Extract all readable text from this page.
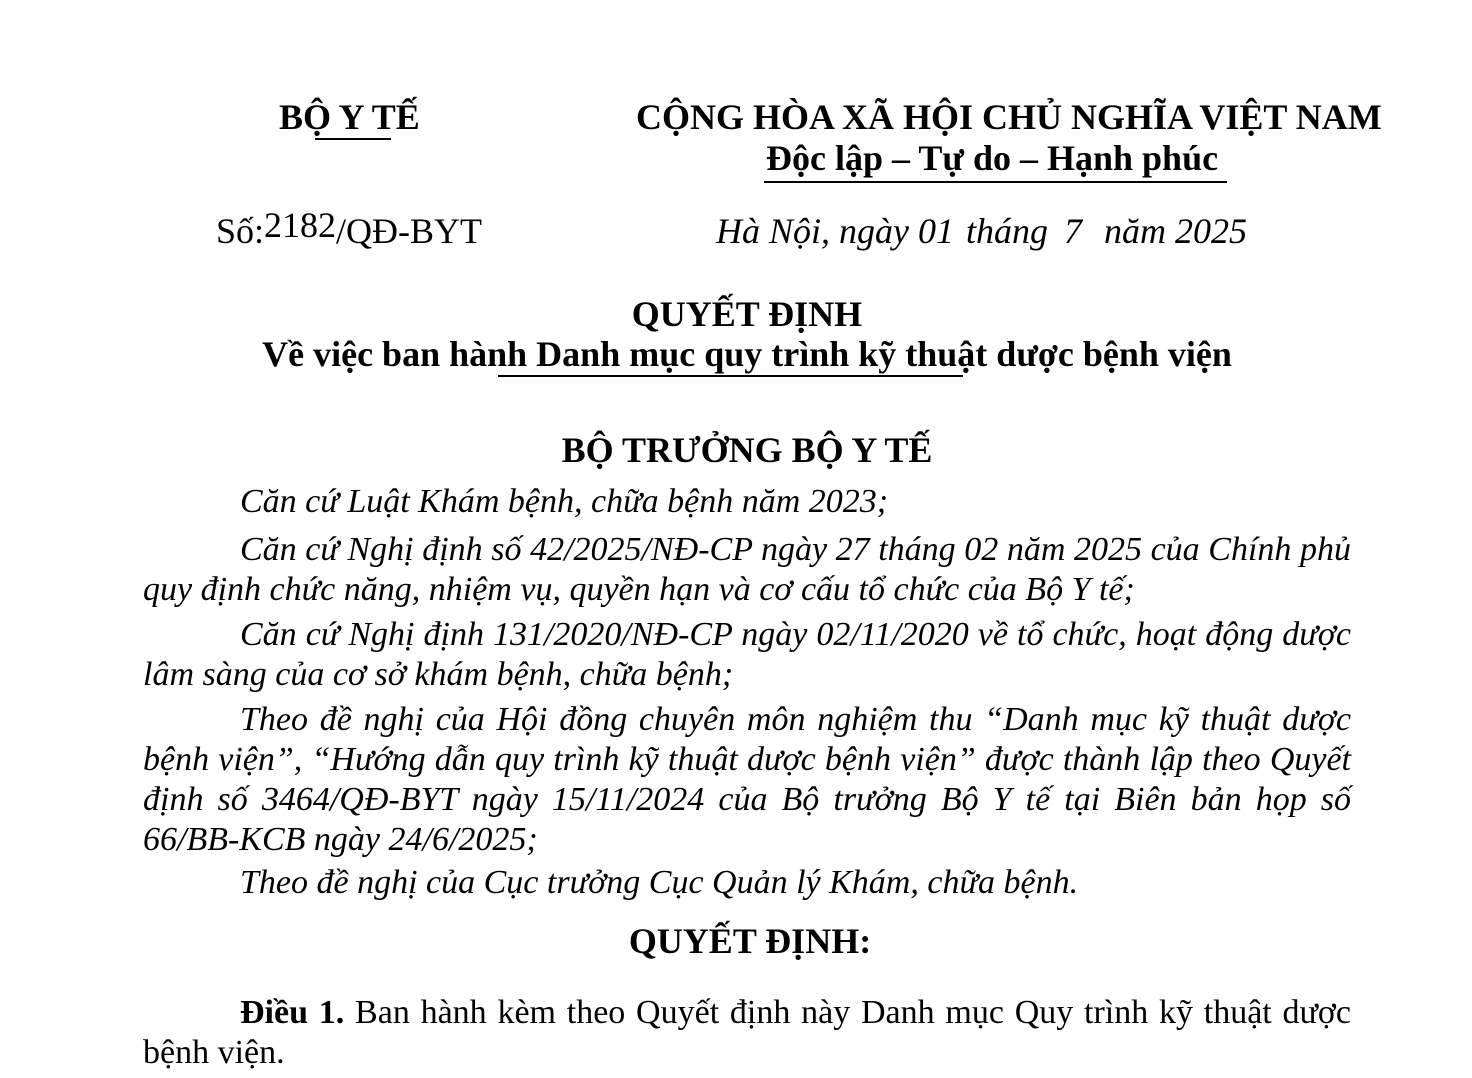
BỘ Y TẾ	CỘNG HÒA XÃ HỘI CHỦ NGHĨA VIỆT NAM
Độc lập – Tự do – Hạnh phúc
Số:2182/QĐ-BYT	Hà Nội, ngày 01 tháng 7 năm 2025
QUYẾT ĐỊNH
Về việc ban hành Danh mục quy trình kỹ thuật dược bệnh viện
BỘ TRƯỞNG BỘ Y TẾ
Căn cứ Luật Khám bệnh, chữa bệnh năm 2023;
Căn cứ Nghị định số 42/2025/NĐ-CP ngày 27 tháng 02 năm 2025 của Chính phủ quy định chức năng, nhiệm vụ, quyền hạn và cơ cấu tổ chức của Bộ Y tế;
Căn cứ Nghị định 131/2020/NĐ-CP ngày 02/11/2020 về tổ chức, hoạt động dược lâm sàng của cơ sở khám bệnh, chữa bệnh;
Theo đề nghị của Hội đồng chuyên môn nghiệm thu “Danh mục kỹ thuật dược bệnh viện”, “Hướng dẫn quy trình kỹ thuật dược bệnh viện” được thành lập theo Quyết định số 3464/QĐ-BYT ngày 15/11/2024 của Bộ trưởng Bộ Y tế tại Biên bản họp số 66/BB-KCB ngày 24/6/2025;
Theo đề nghị của Cục trưởng Cục Quản lý Khám, chữa bệnh.
QUYẾT ĐỊNH:
Điều 1. Ban hành kèm theo Quyết định này Danh mục Quy trình kỹ thuật dược bệnh viện.
